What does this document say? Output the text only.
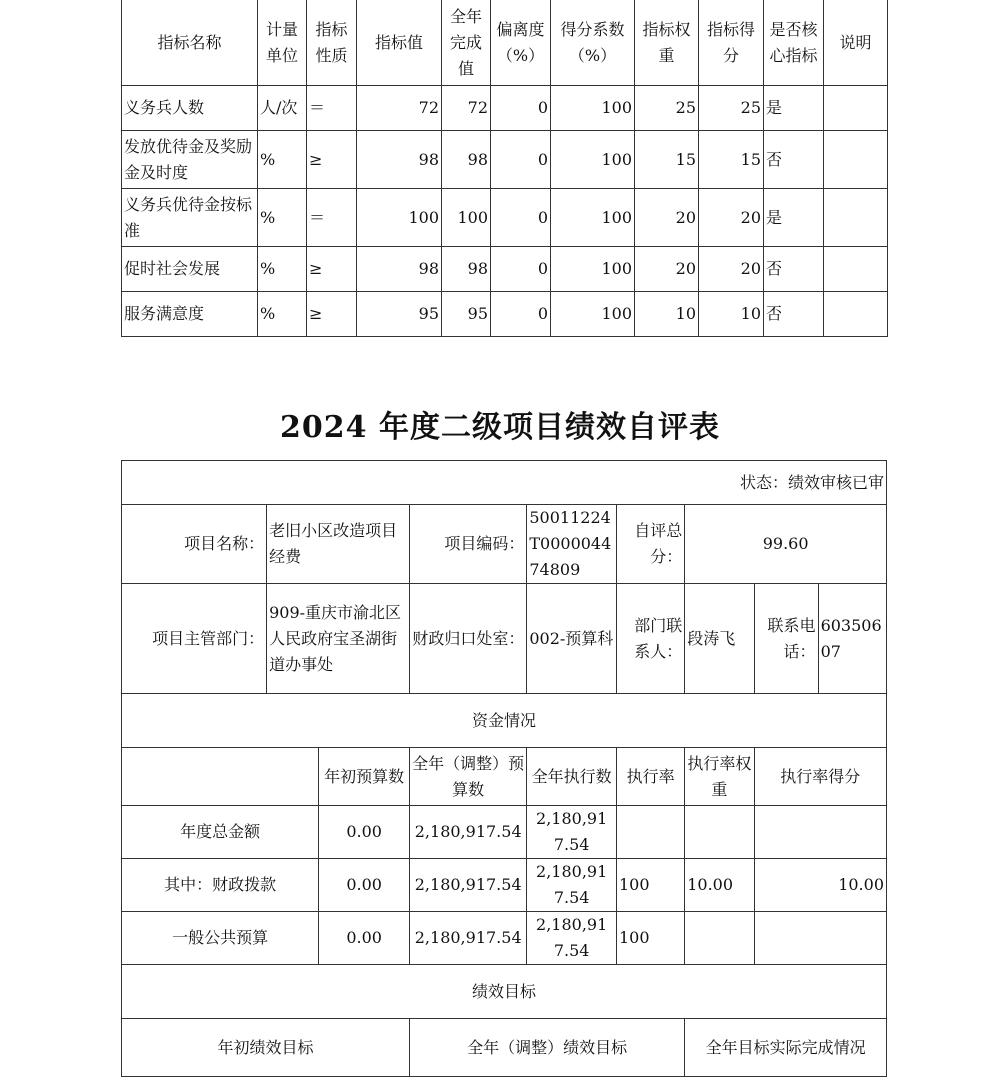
指标名称	计量单位	指标性质	指标值	全年完成值	偏离度（%）	得分系数（%）	指标权重	指标得分	是否核心指标	说明
义务兵人数	人/次	＝	72	72	0	100	25	25	是	
发放优待金及奖励金及时度	%	≥	98	98	0	100	15	15	否	
义务兵优待金按标准	%	＝	100	100	0	100	20	20	是	
促时社会发展	%	≥	98	98	0	100	20	20	否	
服务满意度	%	≥	95	95	0	100	10	10	否	
2024 年度二级项目绩效自评表
状态：绩效审核已审								
项目名称：	老旧小区改造项目经费		项目编码：	50011224T000004474809	自评总分：	99.60		
项目主管部门：	909-重庆市渝北区人民政府宝圣湖街道办事处		财政归口处室：	002-预算科	部门联系人：	段涛飞	联系电话：	60350607
资金情况								
		年初预算数	全年（调整）预算数	全年执行数	执行率	执行率权重	执行率得分	
年度总金额		0.00	2,180,917.54	2,180,917.54				
其中：财政拨款		0.00	2,180,917.54	2,180,917.54	100	10.00	10.00	
一般公共预算		0.00	2,180,917.54	2,180,917.54	100			
绩效目标								
年初绩效目标			全年（调整）绩效目标			全年目标实际完成情况		
